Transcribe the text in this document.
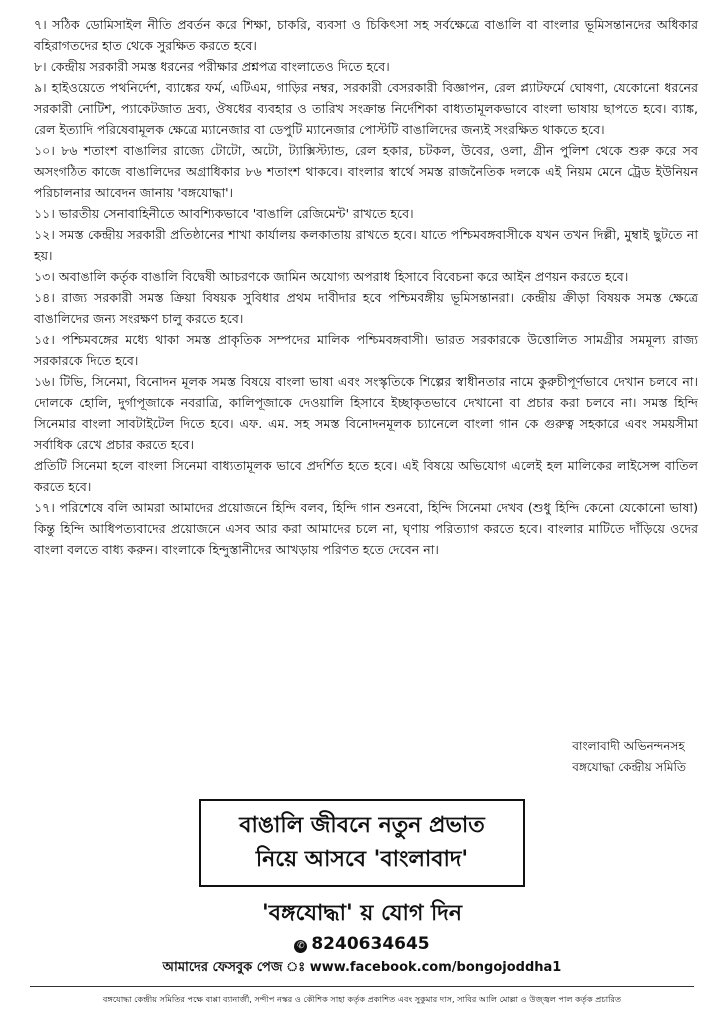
৭। সঠিক ডোমিসাইল নীতি প্রবর্তন করে শিক্ষা, চাকরি, ব্যবসা ও চিকিৎসা সহ সর্বক্ষেত্রে বাঙালি বা বাংলার ভূমিসন্তানদের অধিকার বহিরাগতদের হাত থেকে সুরক্ষিত করতে হবে।

৮। কেন্দ্রীয় সরকারী সমস্ত ধরনের পরীক্ষার প্রশ্নপত্র বাংলাতেও দিতে হবে।

৯। হাইওয়েতে পথনির্দেশ, ব্যাঙ্কের ফর্ম, এটিএম, গাড়ির নম্বর, সরকারী বেসরকারী বিজ্ঞাপন, রেল প্ল্যাটফর্মে ঘোষণা, যেকোনো ধরনের সরকারী নোটিশ, প্যাকেটজাত দ্রব্য, ঔষধের ব্যবহার ও তারিখ সংক্রান্ত নির্দেশিকা বাধ্যতামূলকভাবে বাংলা ভাষায় ছাপতে হবে। ব্যাঙ্ক, রেল ইত্যাদি পরিষেবামূলক ক্ষেত্রে ম্যানেজার বা ডেপুটি ম্যানেজার পোস্টটি বাঙালিদের জন্যই সংরক্ষিত থাকতে হবে।

১০। ৮৬ শতাংশ বাঙালির রাজ্যে টোটো, অটো, ট্যাক্সিস্ট্যান্ড, রেল হকার, চটকল, উবের, ওলা, গ্রীন পুলিশ থেকে শুরু করে সব অসংগঠিত কাজে বাঙালিদের অগ্রাধিকার ৮৬ শতাংশ থাকবে। বাংলার স্বার্থে সমস্ত রাজনৈতিক দলকে এই নিয়ম মেনে ট্রেড ইউনিয়ন পরিচালনার আবেদন জানায় 'বঙ্গযোদ্ধা'।

১১। ভারতীয় সেনাবাহিনীতে আবশ্যিকভাবে 'বাঙালি রেজিমেন্ট' রাখতে হবে।

১২। সমস্ত কেন্দ্রীয় সরকারী প্রতিষ্ঠানের শাখা কার্যালয় কলকাতায় রাখতে হবে। যাতে পশ্চিমবঙ্গবাসীকে যখন তখন দিল্লী, মুম্বাই ছুটতে না হয়।

১৩। অবাঙালি কর্তৃক বাঙালি বিদ্বেষী আচরণকে জামিন অযোগ্য অপরাধ হিসাবে বিবেচনা করে আইন প্রণয়ন করতে হবে।

১৪। রাজ্য সরকারী সমস্ত ক্রিয়া বিষয়ক সুবিধার প্রথম দাবীদার হবে পশ্চিমবঙ্গীয় ভূমিসন্তানরা। কেন্দ্রীয় ক্রীড়া বিষয়ক সমস্ত ক্ষেত্রে বাঙালিদের জন্য সংরক্ষণ চালু করতে হবে।

১৫। পশ্চিমবঙ্গের মধ্যে থাকা সমস্ত প্রাকৃতিক সম্পদের মালিক পশ্চিমবঙ্গবাসী। ভারত সরকারকে উত্তোলিত সামগ্রীর সমমূল্য রাজ্য সরকারকে দিতে হবে।

১৬। টিভি, সিনেমা, বিনোদন মূলক সমস্ত বিষয়ে বাংলা ভাষা এবং সংস্কৃতিকে শিল্পের স্বাধীনতার নামে কুরুচীপূর্ণভাবে দেখান চলবে না। দোলকে হোলি, দুর্গাপূজাকে নবরাত্রি, কালিপূজাকে দেওয়ালি হিসাবে ইচ্ছাকৃতভাবে দেখানো বা প্রচার করা চলবে না। সমস্ত হিন্দি সিনেমার বাংলা সাবটাইটেল দিতে হবে। এফ. এম. সহ সমস্ত বিনোদনমূলক চ্যানেলে বাংলা গান কে গুরুত্ব সহকারে এবং সময়সীমা সর্বাধিক রেখে প্রচার করতে হবে।

প্রতিটি সিনেমা হলে বাংলা সিনেমা বাধ্যতামূলক ভাবে প্রদর্শিত হতে হবে। এই বিষয়ে অভিযোগ এলেই হল মালিকের লাইসেন্স বাতিল করতে হবে।

১৭। পরিশেষে বলি আমরা আমাদের প্রয়োজনে হিন্দি বলব, হিন্দি গান শুনবো, হিন্দি সিনেমা দেখব (শুধু হিন্দি কেনো যেকোনো ভাষা) কিন্তু হিন্দি আধিপত্যবাদের প্রয়োজনে এসব আর করা আমাদের চলে না, ঘৃণায় পরিত্যাগ করতে হবে। বাংলার মাটিতে দাঁড়িয়ে ওদের বাংলা বলতে বাধ্য করুন। বাংলাকে হিন্দুস্তানীদের আখড়ায় পরিণত হতে দেবেন না।

বাংলাবাদী অভিনন্দনসহ
বঙ্গযোদ্ধা কেন্দ্রীয় সমিতি
বাঙালি জীবনে নতুন প্রভাত
নিয়ে আসবে 'বাংলাবাদ'
'বঙ্গযোদ্ধা' য় যোগ দিন
✆ 8240634645
আমাদের ফেসবুক পেজ ঃ www.facebook.com/bongojoddha1
বঙ্গযোদ্ধা কেন্দ্রীয় সমিতির পক্ষে বাপ্পা ব্যানার্জী, সন্দীপ নস্কর ও কৌশিক সাহা কর্তৃক প্রকাশিত এবং সুকুমার দাস, সাবির আলি মোল্লা ও উজ্জ্বল পাল কর্তৃক প্রচারিত
